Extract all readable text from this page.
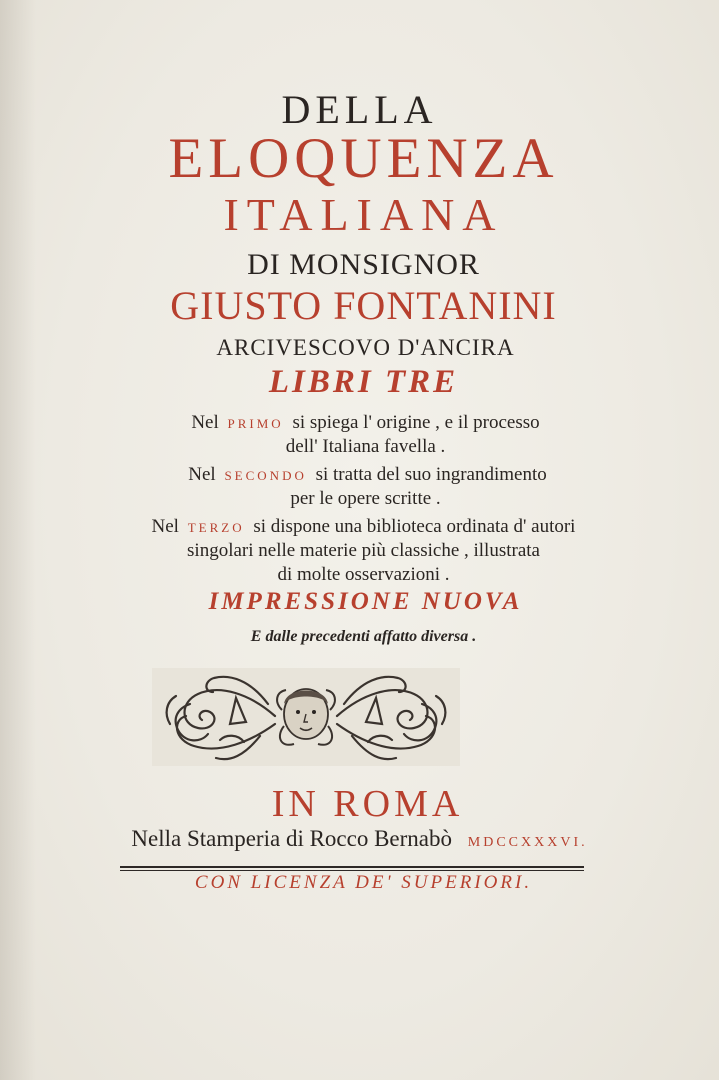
DELLA
ELOQUENZA
ITALIANA
DI MONSIGNOR
GIUSTO FONTANINI
ARCIVESCOVO D'ANCIRA
LIBRI TRE
Nel PRIMO si spiega l' origine , e il processo
dell' Italiana favella .
Nel SECONDO si tratta del suo ingrandimento
per le opere scritte .
Nel TERZO si dispone una biblioteca ordinata d' autori
singolari nelle materie più classiche , illustrata
di molte osservazioni .
IMPRESSIONE NUOVA
E dalle precedenti affatto diversa .
IN ROMA
Nella Stamperia di Rocco Bernabò MDCCXXXVI.
CON LICENZA DE' SUPERIORI.
